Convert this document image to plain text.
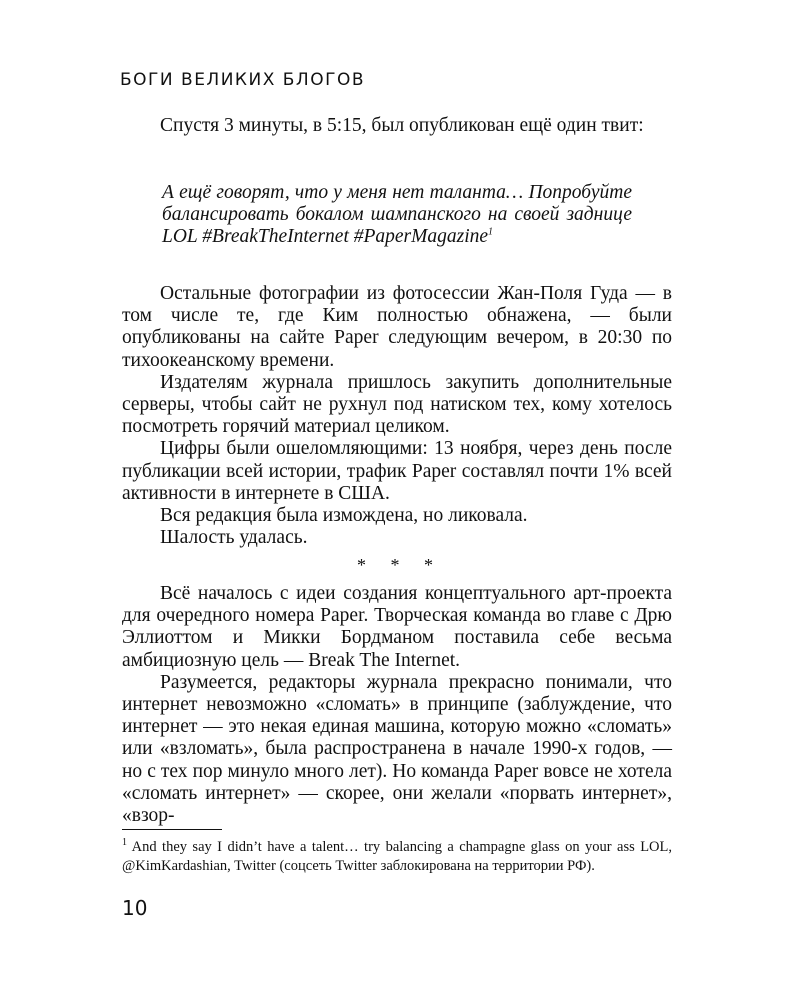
БОГИ ВЕЛИКИХ БЛОГОВ

Спустя 3 минуты, в 5:15, был опубликован ещё один твит:

А ещё говорят, что у меня нет таланта… Попробуйте балансировать бокалом шампанского на своей заднице LOL #BreakTheInternet #PaperMagazine$^1$

Остальные фотографии из фотосессии Жан-Поля Гуда — в том числе те, где Ким полностью обнажена, — были опубликованы на сайте Paper следующим вечером, в 20:30 по тихоокеанскому времени.

Издателям журнала пришлось закупить дополнительные серверы, чтобы сайт не рухнул под натиском тех, кому хотелось посмотреть горячий материал целиком.

Цифры были ошеломляющими: 13 ноября, через день после публикации всей истории, трафик Paper составлял почти 1% всей активности в интернете в США.

Вся редакция была измождена, но ликовала.

Шалость удалась.

* * *

Всё началось с идеи создания концептуального арт-проекта для очередного номера Paper. Творческая команда во главе с Дрю Эллиоттом и Микки Бордманом поставила себе весьма амбициозную цель — Break The Internet.

Разумеется, редакторы журнала прекрасно понимали, что интернет невозможно «сломать» в принципе (заблуждение, что интернет — это некая единая машина, которую можно «сломать» или «взломать», была распространена в начале 1990-х годов, — но с тех пор минуло много лет). Но команда Paper вовсе не хотела «сломать интернет» — скорее, они желали «порвать интернет», «взор-

$^1$ And they say I didn’t have a talent… try balancing a champagne glass on your ass LOL, @KimKardashian, Twitter (соцсеть Twitter заблокирована на территории РФ).

10
